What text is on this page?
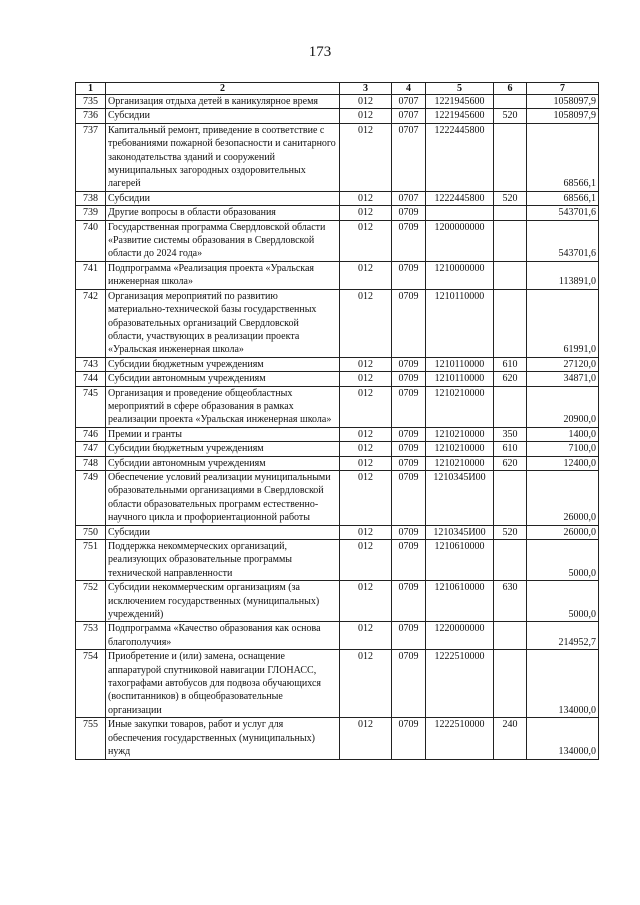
173
1	2	3	4	5	6	7
735	Организация отдыха детей в каникулярное время	012	0707	1221945600		1058097,9
736	Субсидии	012	0707	1221945600	520	1058097,9
737	Капитальный ремонт, приведение в соответствие с требованиями пожарной безопасности и санитарного законодательства зданий и сооружений муниципальных загородных оздоровительных лагерей	012	0707	1222445800		68566,1
738	Субсидии	012	0707	1222445800	520	68566,1
739	Другие вопросы в области образования	012	0709			543701,6
740	Государственная программа Свердловской области «Развитие системы образования в Свердловской области до 2024 года»	012	0709	1200000000		543701,6
741	Подпрограмма «Реализация проекта «Уральская инженерная школа»	012	0709	1210000000		113891,0
742	Организация мероприятий по развитию материально-технической базы государственных образовательных организаций Свердловской области, участвующих в реализации проекта «Уральская инженерная школа»	012	0709	1210110000		61991,0
743	Субсидии бюджетным учреждениям	012	0709	1210110000	610	27120,0
744	Субсидии автономным учреждениям	012	0709	1210110000	620	34871,0
745	Организация и проведение общеобластных мероприятий в сфере образования в рамках реализации проекта «Уральская инженерная школа»	012	0709	1210210000		20900,0
746	Премии и гранты	012	0709	1210210000	350	1400,0
747	Субсидии бюджетным учреждениям	012	0709	1210210000	610	7100,0
748	Субсидии автономным учреждениям	012	0709	1210210000	620	12400,0
749	Обеспечение условий реализации муниципальными образовательными организациями в Свердловской области образовательных программ естественно-научного цикла и профориентационной работы	012	0709	1210345И00		26000,0
750	Субсидии	012	0709	1210345И00	520	26000,0
751	Поддержка некоммерческих организаций, реализующих образовательные программы технической направленности	012	0709	1210610000		5000,0
752	Субсидии некоммерческим организациям (за исключением государственных (муниципальных) учреждений)	012	0709	1210610000	630	5000,0
753	Подпрограмма «Качество образования как основа благополучия»	012	0709	1220000000		214952,7
754	Приобретение и (или) замена, оснащение аппаратурой спутниковой навигации ГЛОНАСС, тахографами автобусов для подвоза обучающихся (воспитанников) в общеобразовательные организации	012	0709	1222510000		134000,0
755	Иные закупки товаров, работ и услуг для обеспечения государственных (муниципальных) нужд	012	0709	1222510000	240	134000,0
